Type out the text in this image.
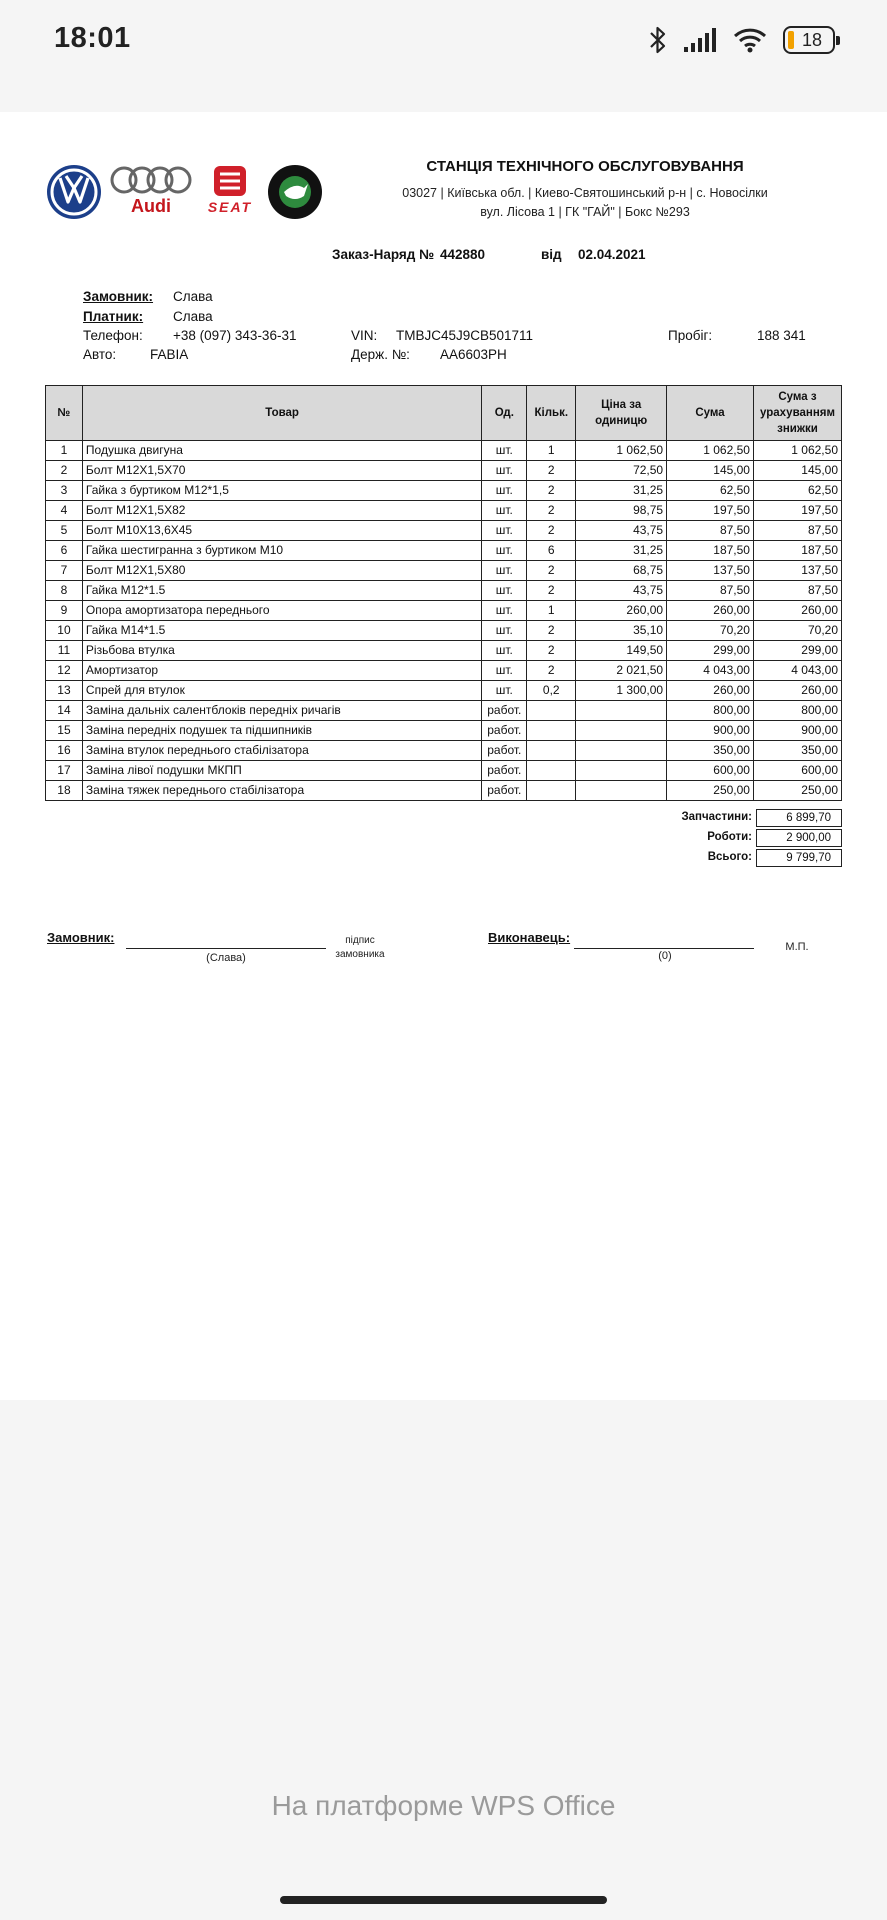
18:01	18
Audi	SEAT
СТАНЦІЯ ТЕХНІЧНОГО ОБСЛУГОВУВАННЯ
03027 | Київська обл. | Киево-Святошинський р-н | с. Новосілки
вул. Лісова 1 | ГК "ГАЙ" | Бокс №293
Заказ-Наряд № 442880	від 02.04.2021
Замовник: Слава
Платник: Слава
Телефон: +38 (097) 343-36-31	VIN: TMBJC45J9CB501711	Пробіг:	188 341
Авто:	FABIA	Держ. №: AA6603PH
№	Товар	Од.	Кільк.	Ціна за одиницю	Сума	Сума з урахуванням знижки
1	Подушка двигуна	шт.	1	1 062,50	1 062,50	1 062,50
2	Болт M12X1,5X70	шт.	2	72,50	145,00	145,00
3	Гайка з буртиком M12*1,5	шт.	2	31,25	62,50	62,50
4	Болт M12X1,5X82	шт.	2	98,75	197,50	197,50
5	Болт M10X13,6X45	шт.	2	43,75	87,50	87,50
6	Гайка шестигранна з буртиком M10	шт.	6	31,25	187,50	187,50
7	Болт M12X1,5X80	шт.	2	68,75	137,50	137,50
8	Гайка M12*1.5	шт.	2	43,75	87,50	87,50
9	Опора амортизатора переднього	шт.	1	260,00	260,00	260,00
10	Гайка M14*1.5	шт.	2	35,10	70,20	70,20
11	Різьбова втулка	шт.	2	149,50	299,00	299,00
12	Амортизатор	шт.	2	2 021,50	4 043,00	4 043,00
13	Спрей для втулок	шт.	0,2	1 300,00	260,00	260,00
14	Заміна дальніх салентблоків передніх ричагів	работ.			800,00	800,00
15	Заміна передніх подушек та підшипників	работ.			900,00	900,00
16	Заміна втулок переднього стабілізатора	работ.			350,00	350,00
17	Заміна лівої подушки МКПП	работ.			600,00	600,00
18	Заміна тяжек переднього стабілізатора	работ.			250,00	250,00
Запчастини:	6 899,70
Роботи:	2 900,00
Всього:	9 799,70
Замовник:
(Слава)
підпис
замовника
Виконавець:
(0)
М.П.
На платформе WPS Office
